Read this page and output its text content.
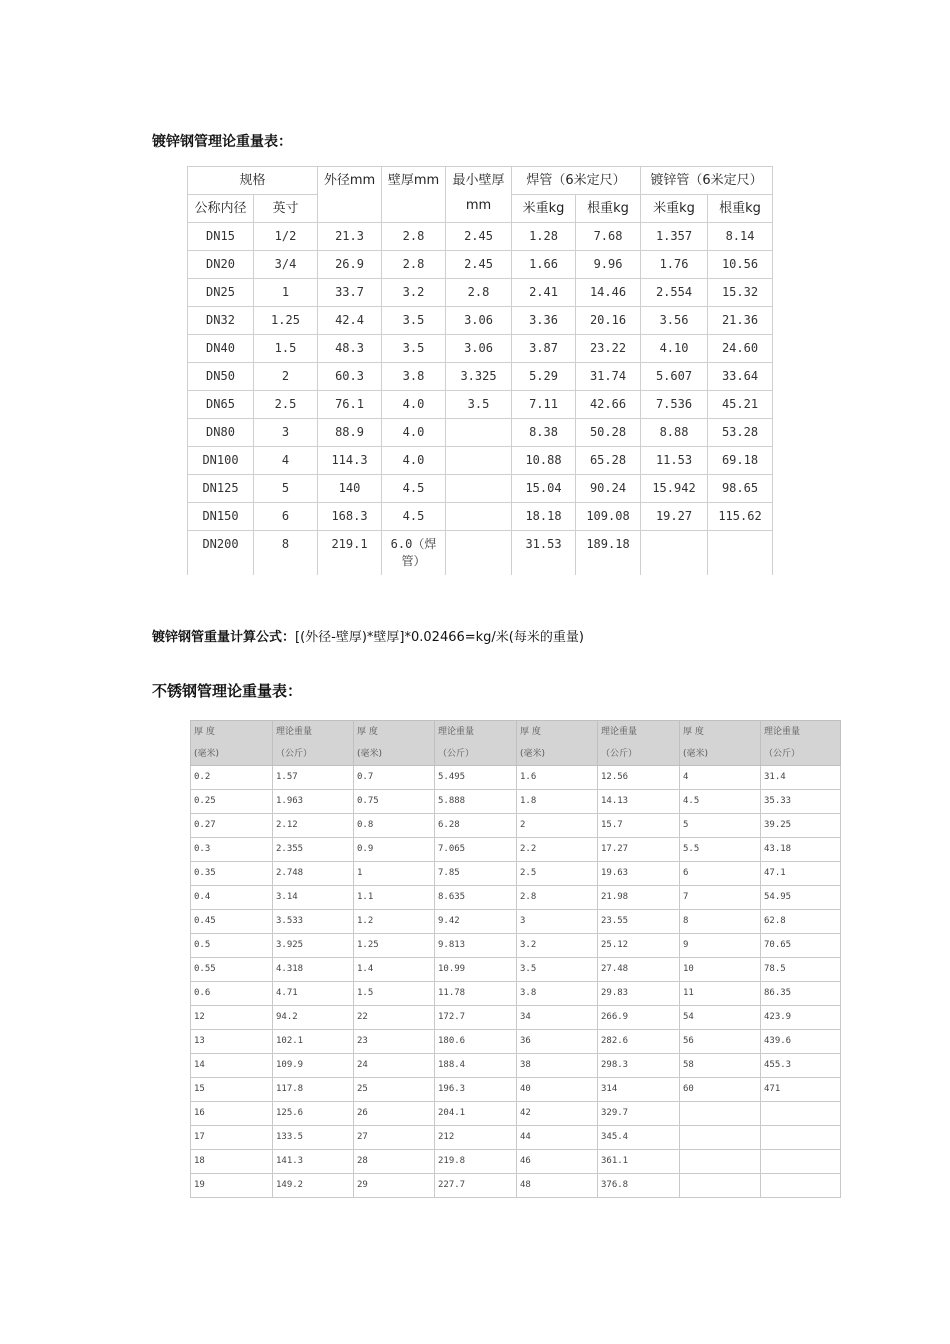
镀锌钢管理论重量表：
规格		外径mm	壁厚mm	最小壁厚
mm	焊管（6米定尺）		镀锌管（6米定尺）	
公称内径	英寸				米重kg	根重kg	米重kg	根重kg
DN15	1/2	21.3	2.8	2.45	1.28	7.68	1.357	8.14
DN20	3/4	26.9	2.8	2.45	1.66	9.96	1.76	10.56
DN25	1	33.7	3.2	2.8	2.41	14.46	2.554	15.32
DN32	1.25	42.4	3.5	3.06	3.36	20.16	3.56	21.36
DN40	1.5	48.3	3.5	3.06	3.87	23.22	4.10	24.60
DN50	2	60.3	3.8	3.325	5.29	31.74	5.607	33.64
DN65	2.5	76.1	4.0	3.5	7.11	42.66	7.536	45.21
DN80	3	88.9	4.0		8.38	50.28	8.88	53.28
DN100	4	114.3	4.0		10.88	65.28	11.53	69.18
DN125	5	140	4.5		15.04	90.24	15.942	98.65
DN150	6	168.3	4.5		18.18	109.08	19.27	115.62
DN200	8	219.1	6.0（焊管）		31.53	189.18		
镀锌钢管重量计算公式：[(外径-壁厚)*壁厚]*0.02466=kg/米(每米的重量)
不锈钢管理论重量表：
厚 度	理论重量	厚 度	理论重量	厚 度	理论重量	厚 度	理论重量
(毫米)	（公斤）	(毫米)	（公斤）	(毫米)	（公斤）	(毫米)	（公斤）
0.2	1.57	0.7	5.495	1.6	12.56	4	31.4
0.25	1.963	0.75	5.888	1.8	14.13	4.5	35.33
0.27	2.12	0.8	6.28	2	15.7	5	39.25
0.3	2.355	0.9	7.065	2.2	17.27	5.5	43.18
0.35	2.748	1	7.85	2.5	19.63	6	47.1
0.4	3.14	1.1	8.635	2.8	21.98	7	54.95
0.45	3.533	1.2	9.42	3	23.55	8	62.8
0.5	3.925	1.25	9.813	3.2	25.12	9	70.65
0.55	4.318	1.4	10.99	3.5	27.48	10	78.5
0.6	4.71	1.5	11.78	3.8	29.83	11	86.35
12	94.2	22	172.7	34	266.9	54	423.9
13	102.1	23	180.6	36	282.6	56	439.6
14	109.9	24	188.4	38	298.3	58	455.3
15	117.8	25	196.3	40	314	60	471
16	125.6	26	204.1	42	329.7		
17	133.5	27	212	44	345.4		
18	141.3	28	219.8	46	361.1		
19	149.2	29	227.7	48	376.8		
